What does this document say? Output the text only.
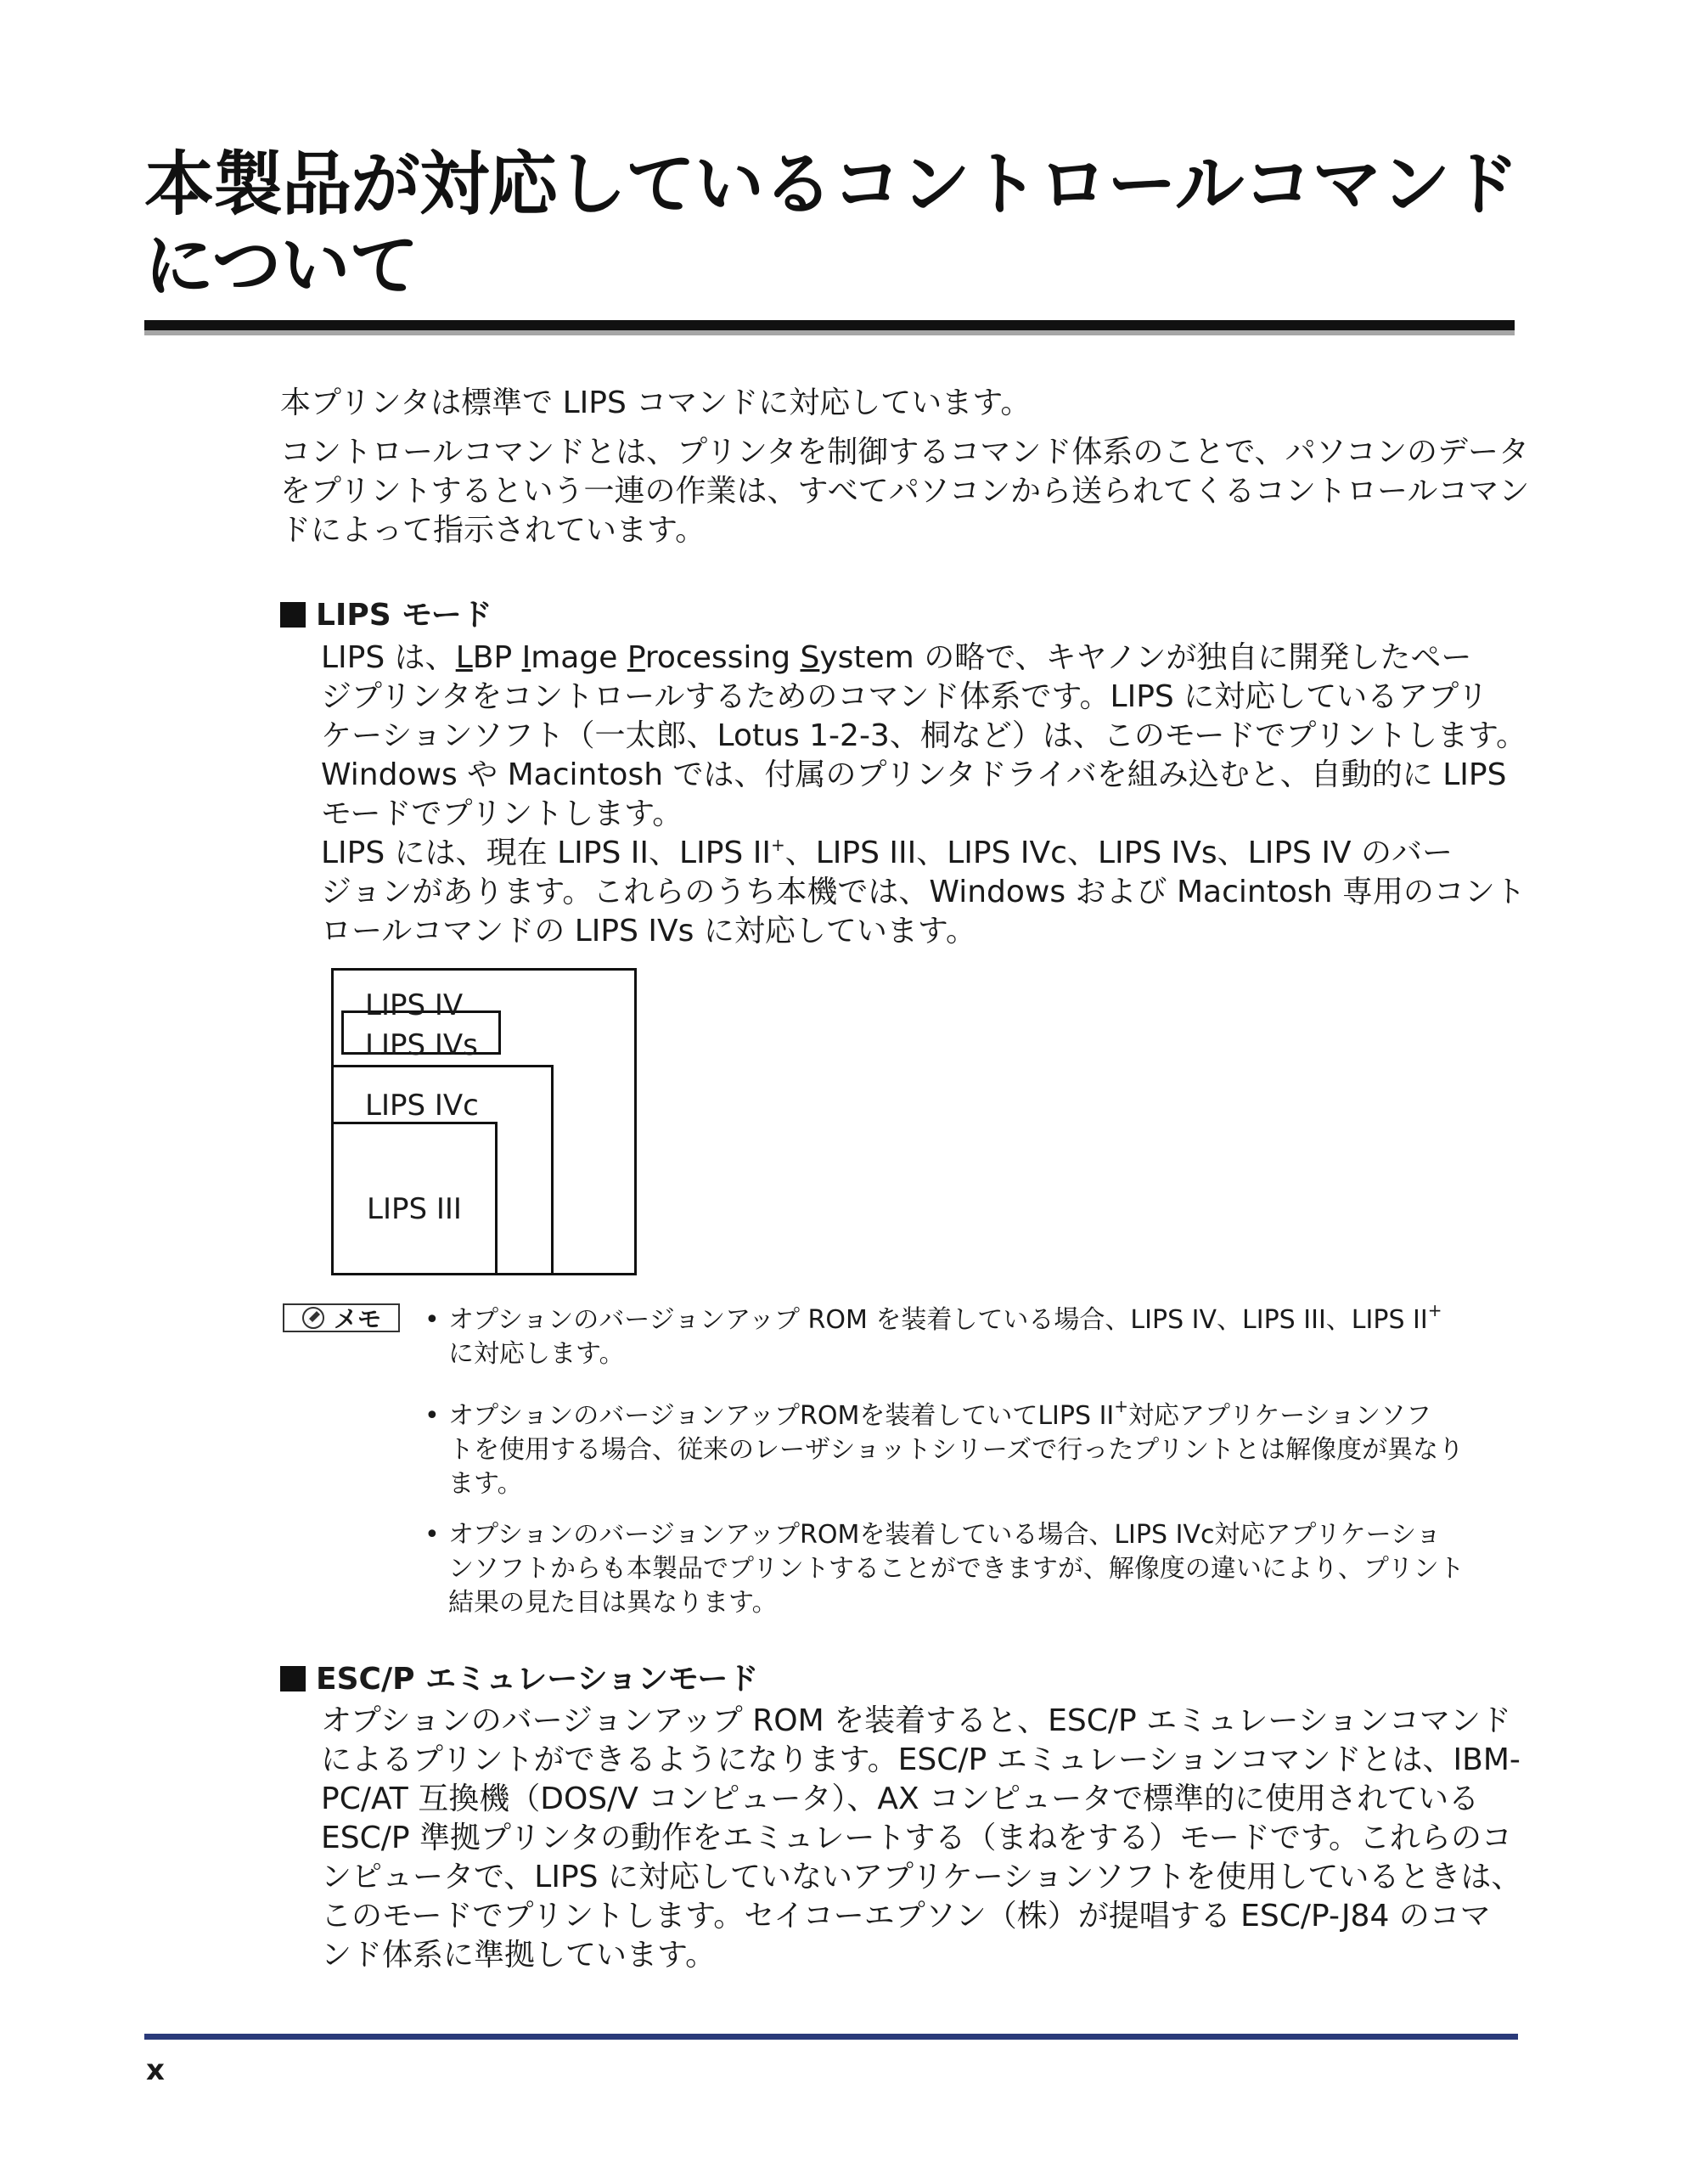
本製品が対応しているコントロールコマンド
について
本プリンタは標準で LIPS コマンドに対応しています。
コントロールコマンドとは、プリンタを制御するコマンド体系のことで、パソコンのデータ
をプリントするという一連の作業は、すべてパソコンから送られてくるコントロールコマン
ドによって指示されています。
LIPS モード
LIPS は、LBP Image Processing System の略で、キヤノンが独自に開発したペー
ジプリンタをコントロールするためのコマンド体系です。LIPS に対応しているアプリ
ケーションソフト（一太郎、Lotus 1-2-3、桐など）は、このモードでプリントします。
Windows や Macintosh では、付属のプリンタドライバを組み込むと、自動的に LIPS
モードでプリントします。
LIPS には、現在 LIPS II、LIPS II+、LIPS III、LIPS IVc、LIPS IVs、LIPS IV のバー
ジョンがあります。これらのうち本機では、Windows および Macintosh 専用のコント
ロールコマンドの LIPS IVs に対応しています。
LIPS IV
LIPS IVs
LIPS IVc
LIPS III
メモ • オプションのバージョンアップ ROM を装着している場合、LIPS IV、LIPS III、LIPS II+
に対応します。
• オプションのバージョンアップROMを装着していてLIPS II+対応アプリケーションソフ
トを使用する場合、従来のレーザショットシリーズで行ったプリントとは解像度が異なり
ます。
• オプションのバージョンアップROMを装着している場合、LIPS IVc対応アプリケーショ
ンソフトからも本製品でプリントすることができますが、解像度の違いにより、プリント
結果の見た目は異なります。
ESC/P エミュレーションモード
オプションのバージョンアップ ROM を装着すると、ESC/P エミュレーションコマンド
によるプリントができるようになります。ESC/P エミュレーションコマンドとは、IBM-
PC/AT 互換機（DOS/V コンピュータ）、AX コンピュータで標準的に使用されている
ESC/P 準拠プリンタの動作をエミュレートする（まねをする）モードです。これらのコ
ンピュータで、LIPS に対応していないアプリケーションソフトを使用しているときは、
このモードでプリントします。セイコーエプソン（株）が提唱する ESC/P-J84 のコマ
ンド体系に準拠しています。
x
